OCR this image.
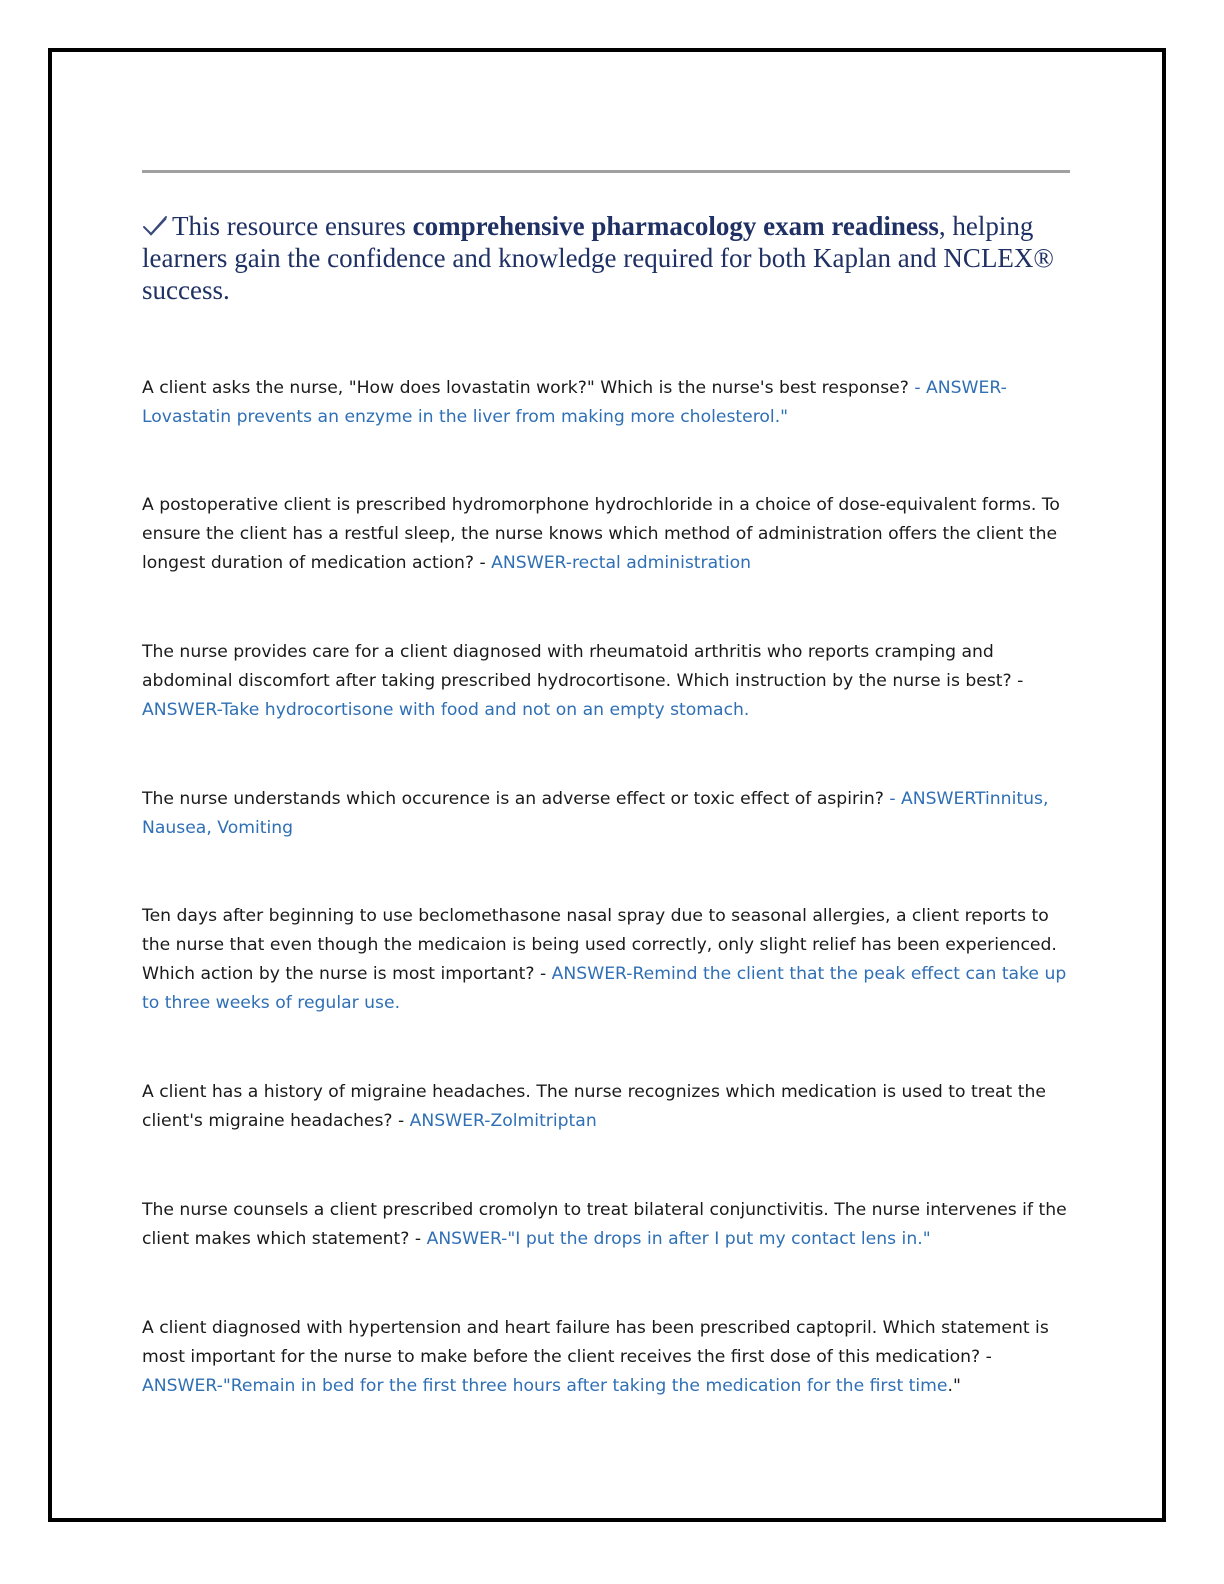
This resource ensures comprehensive pharmacology exam readiness, helping learners gain the confidence and knowledge required for both Kaplan and NCLEX® success.
A client asks the nurse, "How does lovastatin work?" Which is the nurse's best response? - ANSWER-Lovastatin prevents an enzyme in the liver from making more cholesterol."
A postoperative client is prescribed hydromorphone hydrochloride in a choice of dose-equivalent forms. To ensure the client has a restful sleep, the nurse knows which method of administration offers the client the longest duration of medication action? - ANSWER-rectal administration
The nurse provides care for a client diagnosed with rheumatoid arthritis who reports cramping and abdominal discomfort after taking prescribed hydrocortisone. Which instruction by the nurse is best? - ANSWER-Take hydrocortisone with food and not on an empty stomach.
The nurse understands which occurence is an adverse effect or toxic effect of aspirin? - ANSWERTinnitus, Nausea, Vomiting
Ten days after beginning to use beclomethasone nasal spray due to seasonal allergies, a client reports to the nurse that even though the medicaion is being used correctly, only slight relief has been experienced. Which action by the nurse is most important? - ANSWER-Remind the client that the peak effect can take up to three weeks of regular use.
A client has a history of migraine headaches. The nurse recognizes which medication is used to treat the client's migraine headaches? - ANSWER-Zolmitriptan
The nurse counsels a client prescribed cromolyn to treat bilateral conjunctivitis. The nurse intervenes if the client makes which statement? - ANSWER-"I put the drops in after I put my contact lens in."
A client diagnosed with hypertension and heart failure has been prescribed captopril. Which statement is most important for the nurse to make before the client receives the first dose of this medication? - ANSWER-"Remain in bed for the first three hours after taking the medication for the first time."
